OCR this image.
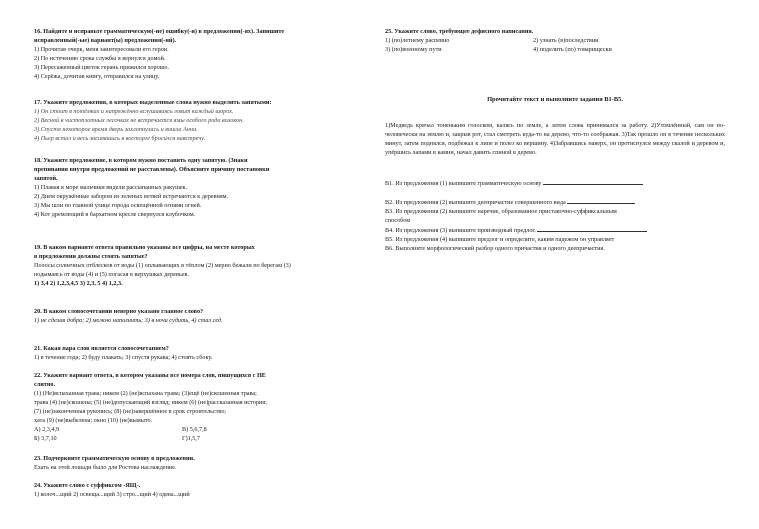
16. Найдите и исправьте грамматическую(-ие) ошибку(-и) в предложении(-ях). Запишите
исправленный(-ые) вариант(ы) предложения(-ий).
1) Прочитав очерк, меня заинтересовали его герои.
2) По истечению срока службы я вернулся домой.
3) Пересаженный цветок герань прижился хорошо.
4) Серёжа, дочитав книгу, отправился на улицу.
17. Укажите предложения, в которых выделенные слова нужно выделить запятыми:
1) Он стоит в потёмках и напряжённо вслушиваясь ловит каждый шорох.
2) Весной в чистоплотных лесочках не встречается ямы особого рода волокон.
3) Спустя некоторое время дверь захлопнулась и вошла Анна.
4) Пьер встал и весь засиявшись в восторге бросился навстречу.
18. Укажите предложение, в котором нужно поставить одну запятую. (Знаки
препинания внутри предложений не расставлены). Объясните причину постановки
запятой.
1) Плавая в море мальчики видели рассыпанных ракушек.
2) Днем окружённые забором из зеленых ветвей встречаются к деревням.
3) Мы шли по главной улице города освещённой огнями огней.
4) Кот дремлющий в бархатном кресле свернулся клубочком.
19. В каком варианте ответа правильно указаны все цифры, на месте которых
в предложении должны стоять запятые?
Полосы солнечных отблесков от воды (1) оплывающих в тёплом (2) мерно бежали по берегам (3)
подымаясь от воды (4) и (5) погасая в верхушках деревьев.
1) 3,4 2) 1,2,3,4,5 3) 2,3, 5 4) 1,2,3.
20. В каком словосочетании неверно указано главное слово?
1) не сделав добра; 2) можно наполнить; 3) в ночи судить, 4) стал сед.
21. Какая пара слов является словосочетанием?
1) в течение года; 2) буду плакать; 3) спустя рукава; 4) стоять сбоку.
22. Укажите вариант ответа, в котором указаны все номера слов, пишущихся с НЕ
слитно.
(1) (Не)вспаханная трава; никем (2) (не)вспахана трава; (3)ещё (не)скошенная трава;
трава (4) (не)скошена; (5) (не)допускающий взгляд; никем (6) (не)рассказанная история;
(7) (не)законченная рукопись; (8) (не)завершённое в срок строительство;
хата (9) (не)выбелена; окно (10) (не)вымыто.
А) 2,3,4,9	В) 5,6,7,8
Б) 3,7,10	Г)1,5,7
23. Подчеркните грамматическую основу в предложении.
Ехать на этой лошади было для Ростова наслаждение.
24. Укажите слово с суффиксом -ЯЩ-.
1) колоч...щий 2) освеща...щий 3) стро...щий 4) одева...щий
25. Укажите слово, требующее дефисного написания.
1) (по)летнему распевно	2) узнать (в)последствии
3) (по)военному пути	4) поделить (по) товарищески
Прочитайте текст и выполните задания В1-В5.
1)Медведь крячал тоненьким голоском, калясь по земле, а затем слова принимался за работу. 2)Утомлённый, сам он по-человечески на землю и, закрыв рот, стал смотреть куда-то на дерево, что-то соображая. 3)Так прошло он в течение нескольких минут, затем поднялся, подбежал к липе и полез ко вершину. 4)Забравшись наверх, он протиснулся между скалой и деревом и, упёршись лапами в камни, начал давить спиной в дерево.
В1. Из предложения (1) выпишите грамматическую основу
В2. Из предложения (2) выпишите деепричастие совершенного вида
В3. Из предложения (2) выпишите наречие, образованное приставочно-суффиксальным
способом
В4. Из предложения (3) выпишите производный предлог.
В5. Из предложения (4) выпишите предлог и определите, каким падежом он управляет
В6. Выполните морфологический разбор одного причастия и одного деепричастия.
